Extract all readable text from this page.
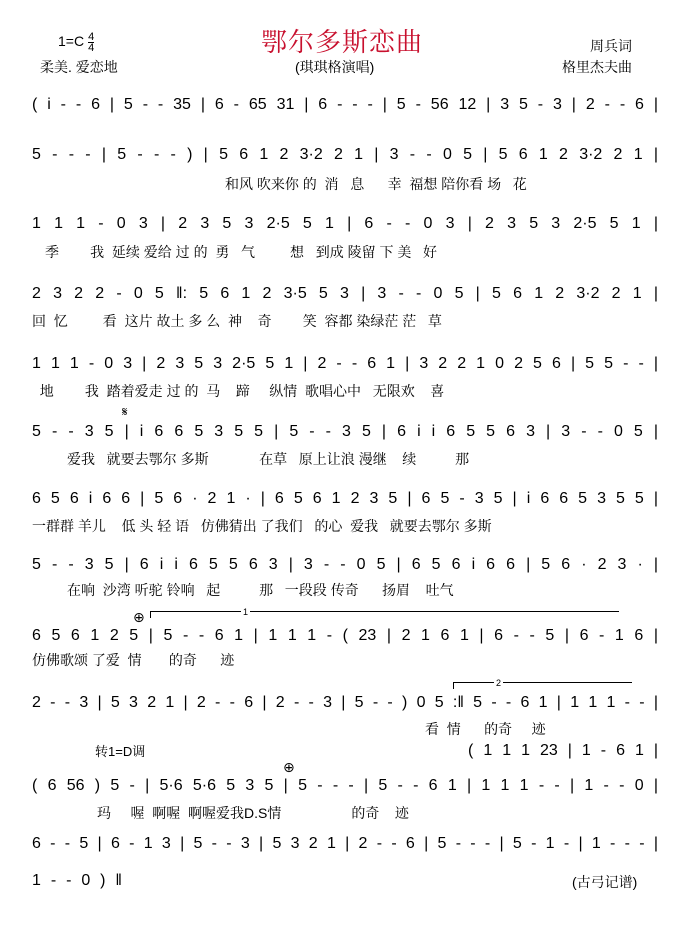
$1=C \frac{4}{4}$	鄂尔多斯恋曲	周兵词
柔美. 爱恋地	(琪琪格演唱)	格里杰夫曲
( i - - 6 | 5 - - 35 | 6 - 65 31 | 6 - - - | 5 - 56 12 | 3 5 - 3 | 2 - - 6 |
5 - - - | 5 - - - ) | 5 6 1 2 3·2 2 1 | 3 - - 0 5 | 5 6 1 2 3·2 2 1 |
和风 吹来你 的  消   息      幸  福想 陪你看 场   花
1 1 1 - 0 3 | 2 3 5 3 2·5 5 1 | 6 - - 0 3 | 2 3 5 3 2·5 5 1 |
季        我  延续 爱给 过 的  勇   气         想   到成 陵留 下 美   好
2 3 2 2 - 0 5 ‖: 5 6 1 2 3·5 5 3 | 3 - - 0 5 | 5 6 1 2 3·2 2 1 |
回  忆         看  这片 故土 多 么  神    奇        笑  容都 染绿茫 茫   草
1 1 1 - 0 3 | 2 3 5 3 2·5 5 1 | 2 - - 6 1 | 3 2 2 1 0 2 5 6 | 5 5 - - |
地        我  踏着爱走 过 的  马    蹄     纵情  歌唱心中   无限欢    喜
𝄋
5 - - 3 5 | i 6 6 5 3 5 5 | 5 - - 3 5 | 6 i i 6 5 5 6 3 | 3 - - 0 5 |
爱我   就要去鄂尔 多斯             在草   原上让浪 漫继    续          那
6 5 6 i 6 6 | 5 6 · 2 1 · | 6 5 6 1 2 3 5 | 6 5 - 3 5 | i 6 6 5 3 5 5 |
一群群 羊儿    低 头 轻 语   仿佛猜出 了我们   的心  爱我   就要去鄂尔 多斯
5 - - 3 5 | 6 i i 6 5 5 6 3 | 3 - - 0 5 | 6 5 6 i 6 6 | 5 6 · 2 3 · |
在响  沙湾 听驼 铃响   起          那   一段段 传奇      扬眉    吐气
1
⊕
6 5 6 1 2 5 | 5 - - 6 1 | 1 1 1 - ( 23 | 2 1 6 1 | 6 - - 5 | 6 - 1 6 |
仿佛歌颂 了爱  情       的奇      迹
2
2 - - 3 | 5 3 2 1 | 2 - - 6 | 2 - - 3 | 5 - - ) 0 5 :‖ 5 - - 6 1 | 1 1 1 - - |
看  情      的奇     迹
转1=D调	( 1 1 1 23 | 1 - 6 1 |
⊕
( 6 56 ) 5 - | 5·6 5·6 5 3 5 | 5 - - - | 5 - - 6 1 | 1 1 1 - - | 1 - - 0 |
玛     喔  啊喔  啊喔爱我D.S情                  的奇    迹
6 - - 5 | 6 - 1 3 | 5 - - 3 | 5 3 2 1 | 2 - - 6 | 5 - - - | 5 - 1 - | 1 - - - |
1 - - 0 ) ‖	(古弓记谱)
